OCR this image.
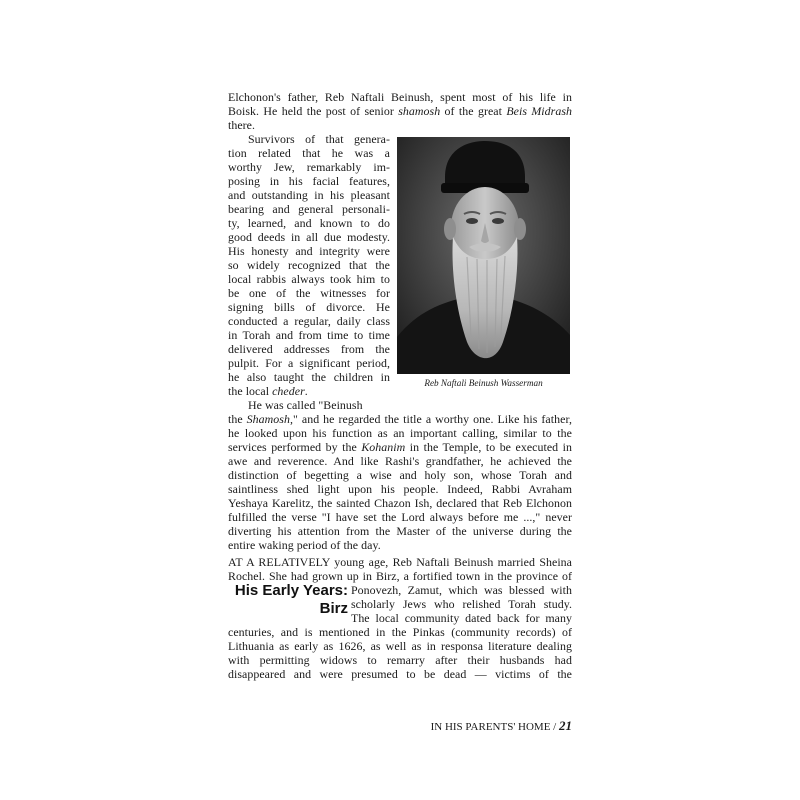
Elchonon's father, Reb Naftali Beinush, spent most of his life in
Boisk. He held the post of senior shamosh of the great Beis Midrash
there.
Survivors of that genera-
tion related that he was a
worthy Jew, remarkably im-
posing in his facial features,
and outstanding in his pleasant
bearing and general personali-
ty, learned, and known to do
good deeds in all due modesty.
His honesty and integrity were
so widely recognized that the
local rabbis always took him to
be one of the witnesses for
signing bills of divorce. He
conducted a regular, daily class
in Torah and from time to time
delivered addresses from the
pulpit. For a significant period,
he also taught the children in
the local cheder.
Reb Naftali Beinush Wasserman
He was called "Beinush
the Shamosh," and he regarded the title a worthy one. Like his father,
he looked upon his function as an important calling, similar to the
services performed by the Kohanim in the Temple, to be executed in
awe and reverence. And like Rashi's grandfather, he achieved the
distinction of begetting a wise and holy son, whose Torah and
saintliness shed light upon his people. Indeed, Rabbi Avraham
Yeshaya Karelitz, the sainted Chazon Ish, declared that Reb Elchonon
fulfilled the verse "I have set the Lord always before me ...," never
diverting his attention from the Master of the universe during the
entire waking period of the day.
AT A RELATIVELY young age, Reb Naftali Beinush married Sheina
Rochel. She had grown up in Birz, a fortified town in the province of
Ponovezh, Zamut, which was blessed with
scholarly Jews who relished Torah study.
The local community dated back for many
centuries, and is mentioned in the Pinkas (community records) of
Lithuania as early as 1626, as well as in responsa literature dealing
with permitting widows to remarry after their husbands had
disappeared and were presumed to be dead — victims of the
His Early Years:
Birz
IN HIS PARENTS' HOME / 21
